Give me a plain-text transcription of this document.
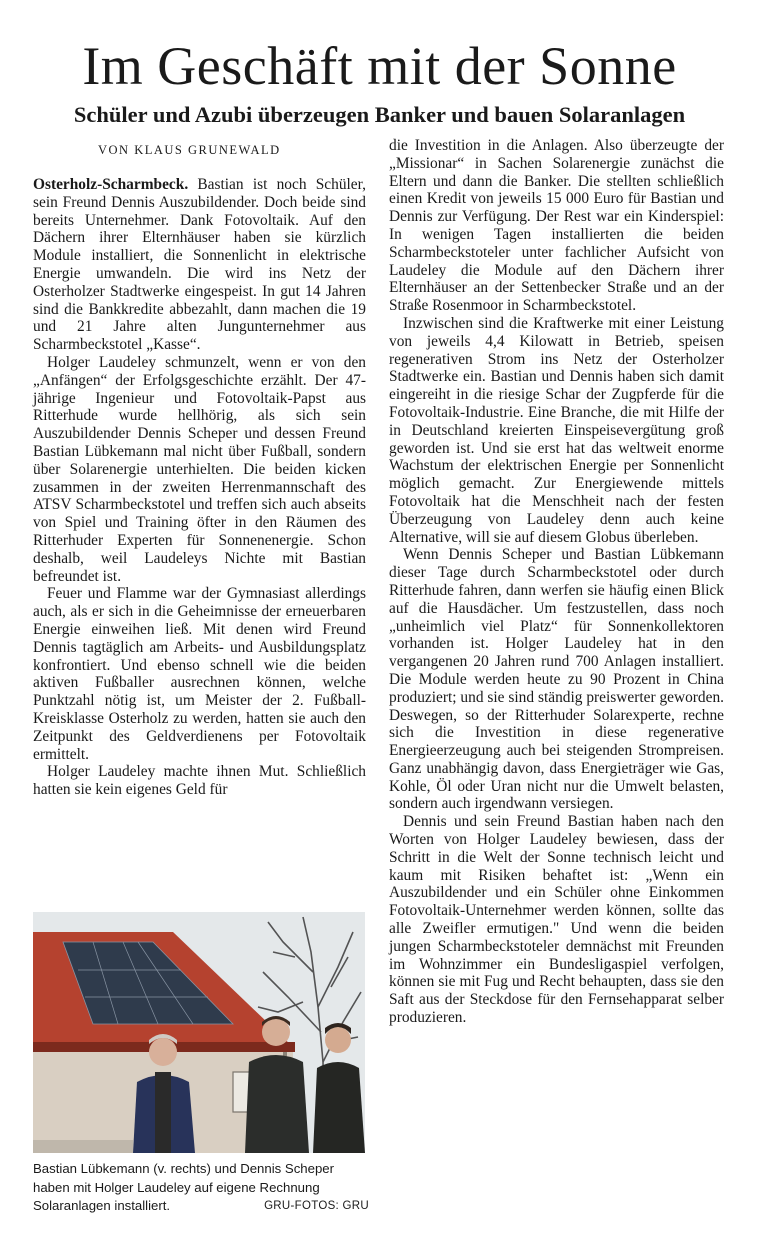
Im Geschäft mit der Sonne
Schüler und Azubi überzeugen Banker und bauen Solaranlagen
VON KLAUS GRUNEWALD

Osterholz-Scharmbeck. Bastian ist noch Schüler, sein Freund Dennis Auszubildender. Doch beide sind bereits Unternehmer. Dank Fotovoltaik. Auf den Dächern ihrer Elternhäuser haben sie kürzlich Module installiert, die Sonnenlicht in elektrische Energie umwandeln. Die wird ins Netz der Osterholzer Stadtwerke eingespeist. In gut 14 Jahren sind die Bankkredite abbezahlt, dann machen die 19 und 21 Jahre alten Jungunternehmer aus Scharmbeckstotel „Kasse“.

Holger Laudeley schmunzelt, wenn er von den „Anfängen“ der Erfolgsgeschichte erzählt. Der 47-jährige Ingenieur und Fotovoltaik-Papst aus Ritterhude wurde hellhörig, als sich sein Auszubildender Dennis Scheper und dessen Freund Bastian Lübkemann mal nicht über Fußball, sondern über Solarenergie unterhielten. Die beiden kicken zusammen in der zweiten Herrenmannschaft des ATSV Scharmbeckstotel und treffen sich auch abseits von Spiel und Training öfter in den Räumen des Ritterhuder Experten für Sonnenenergie. Schon deshalb, weil Laudeleys Nichte mit Bastian befreundet ist.

Feuer und Flamme war der Gymnasiast allerdings auch, als er sich in die Geheimnisse der erneuerbaren Energie einweihen ließ. Mit denen wird Freund Dennis tagtäglich am Arbeits- und Ausbildungsplatz konfrontiert. Und ebenso schnell wie die beiden aktiven Fußballer ausrechnen können, welche Punktzahl nötig ist, um Meister der 2. Fußball-Kreisklasse Osterholz zu werden, hatten sie auch den Zeitpunkt des Geldverdienens per Fotovoltaik ermittelt.

Holger Laudeley machte ihnen Mut. Schließlich hatten sie kein eigenes Geld für

Bastian Lübkemann (v. rechts) und Dennis Scheper haben mit Holger Laudeley auf eigene Rechnung Solaranlagen installiert.	GRU-FOTOS: GRU

die Investition in die Anlagen. Also überzeugte der „Missionar“ in Sachen Solarenergie zunächst die Eltern und dann die Banker. Die stellten schließlich einen Kredit von jeweils 15 000 Euro für Bastian und Dennis zur Verfügung. Der Rest war ein Kinderspiel: In wenigen Tagen installierten die beiden Scharmbeckstoteler unter fachlicher Aufsicht von Laudeley die Module auf den Dächern ihrer Elternhäuser an der Settenbecker Straße und an der Straße Rosenmoor in Scharmbeckstotel.

Inzwischen sind die Kraftwerke mit einer Leistung von jeweils 4,4 Kilowatt in Betrieb, speisen regenerativen Strom ins Netz der Osterholzer Stadtwerke ein. Bastian und Dennis haben sich damit eingereiht in die riesige Schar der Zugpferde für die Fotovoltaik-Industrie. Eine Branche, die mit Hilfe der in Deutschland kreierten Einspeisevergütung groß geworden ist. Und sie erst hat das weltweit enorme Wachstum der elektrischen Energie per Sonnenlicht möglich gemacht. Zur Energiewende mittels Fotovoltaik hat die Menschheit nach der festen Überzeugung von Laudeley denn auch keine Alternative, will sie auf diesem Globus überleben.

Wenn Dennis Scheper und Bastian Lübkemann dieser Tage durch Scharmbeckstotel oder durch Ritterhude fahren, dann werfen sie häufig einen Blick auf die Hausdächer. Um festzustellen, dass noch „unheimlich viel Platz“ für Sonnenkollektoren vorhanden ist. Holger Laudeley hat in den vergangenen 20 Jahren rund 700 Anlagen installiert. Die Module werden heute zu 90 Prozent in China produziert; und sie sind ständig preiswerter geworden. Deswegen, so der Ritterhuder Solarexperte, rechne sich die Investition in diese regenerative Energieerzeugung auch bei steigenden Strompreisen. Ganz unabhängig davon, dass Energieträger wie Gas, Kohle, Öl oder Uran nicht nur die Umwelt belasten, sondern auch irgendwann versiegen.

Dennis und sein Freund Bastian haben nach den Worten von Holger Laudeley bewiesen, dass der Schritt in die Welt der Sonne technisch leicht und kaum mit Risiken behaftet ist: „Wenn ein Auszubildender und ein Schüler ohne Einkommen Fotovoltaik-Unternehmer werden können, sollte das alle Zweifler ermutigen." Und wenn die beiden jungen Scharmbeckstoteler demnächst mit Freunden im Wohnzimmer ein Bundesligaspiel verfolgen, können sie mit Fug und Recht behaupten, dass sie den Saft aus der Steckdose für den Fernsehapparat selber produzieren.
